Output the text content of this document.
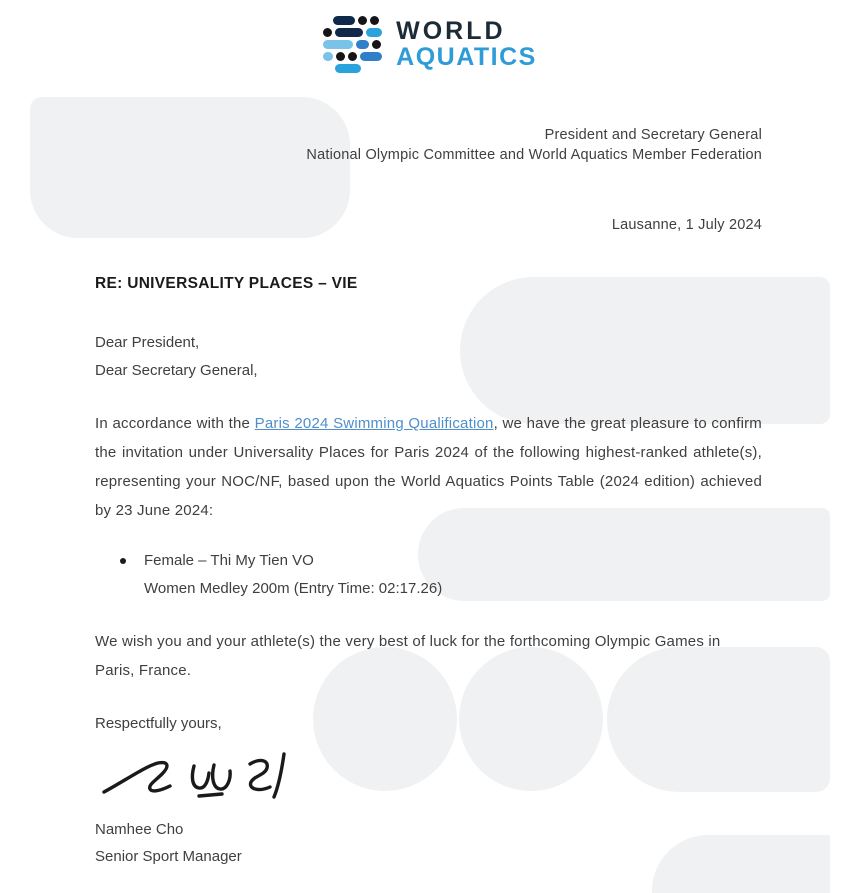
WORLD
AQUATICS
President and Secretary General
National Olympic Committee and World Aquatics Member Federation
Lausanne, 1 July 2024
RE: UNIVERSALITY PLACES – VIE
Dear President,
Dear Secretary General,
In accordance with the Paris 2024 Swimming Qualification, we have the great pleasure to confirm the invitation under Universality Places for Paris 2024 of the following highest-ranked athlete(s), representing your NOC/NF, based upon the World Aquatics Points Table (2024 edition) achieved by 23 June 2024:
Female – Thi My Tien VO
Women Medley 200m (Entry Time: 02:17.26)
We wish you and your athlete(s) the very best of luck for the forthcoming Olympic Games in Paris, France.
Respectfully yours,
Namhee Cho
Senior Sport Manager
